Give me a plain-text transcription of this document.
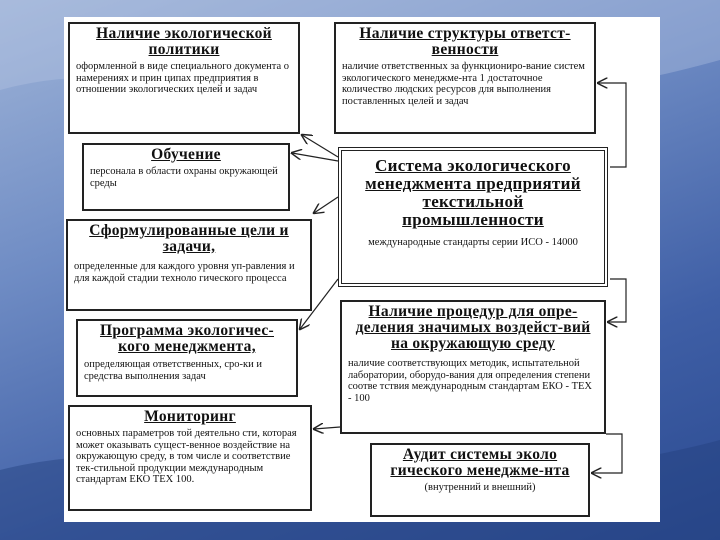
Наличие экологической политики
оформленной в виде специального документа о намерениях и прин ципах предприятия в отношении экологических целей и задач
Наличие структуры ответст-венности
наличие ответственных за функциониро-вание систем экологического менеджме-нта 1 достаточное количество людских ресурсов для выполнения поставленных целей и задач
Обучение
персонала в области охраны окружающей среды
Система экологического менеджмента предприятий текстильной промышленности
международные стандарты серии ИСО - 14000
Сформулированные цели и задачи,
определенные для каждого уровня уп-равления и для каждой стадии техноло гического процесса
Наличие процедур для опре-деления значимых воздейст-вий на окружающую среду
наличие соответствующих методик, испытательной лаборатории, оборудо-вания для определения степени соотве тствия международным стандартам ЕКО - ТЕХ - 100
Программа экологичес-кого менеджмента,
определяющая ответственных, сро-ки и средства выполнения задач
Мониторинг
основных параметров той деятельно сти, которая может оказывать сущест-венное воздействие на окружающую среду, в том числе и соответствие тек-стильной продукции международным стандартам ЕКО ТЕХ 100.
Аудит системы эколо гического менеджме-нта
(внутренний и внешний)
